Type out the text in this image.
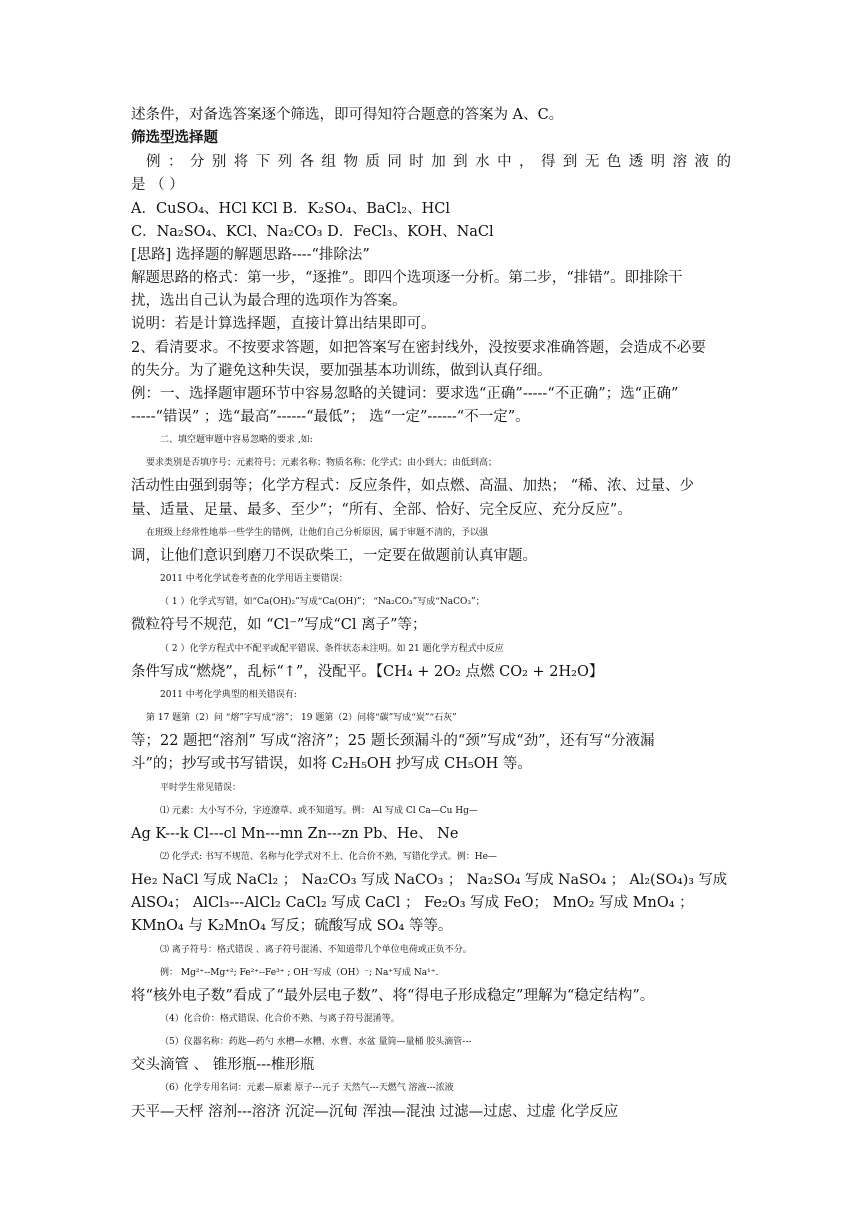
述条件，对备选答案逐个筛选，即可得知符合题意的答案为 A、C。
筛选型选择题
例 ： 分 别 将 下 列 各 组 物 质 同 时 加 到 水 中 ， 得 到 无 色 透 明 溶 液 的
是 （ ）
A．CuSO₄、HCl KCl B．K₂SO₄、BaCl₂、HCl
C．Na₂SO₄、KCl、Na₂CO₃ D．FeCl₃、KOH、NaCl
[思路] 选择题的解题思路----“排除法”
解题思路的格式：第一步，“逐推”。即四个选项逐一分析。第二步，“排错”。即排除干
扰，选出自己认为最合理的选项作为答案。
说明：若是计算选择题，直接计算出结果即可。
2、看清要求。不按要求答题，如把答案写在密封线外，没按要求准确答题，会造成不必要
的失分。为了避免这种失误，要加强基本功训练，做到认真仔细。
例：一、选择题审题环节中容易忽略的关键词：要求选“正确”-----“不正确”；选“正确”
-----“错误” ；选“最高”------“最低”； 选“一定”------“不一定”。
二、填空题审题中容易忽略的要求 ,如:
要求类别是否填序号；元素符号；元素名称；物质名称；化学式；由小到大；由低到高；
活动性由强到弱等；化学方程式：反应条件，如点燃、高温、加热； “稀、浓、过量、少
量、适量、足量、最多、至少”；“所有、全部、恰好、完全反应、充分反应”。
在班级上经常性地举一些学生的错例，让他们自己分析原因，属于审题不清的，予以强
调，让他们意识到磨刀不误砍柴工，一定要在做题前认真审题。
2011 中考化学试卷考查的化学用语主要错误：
（ 1 ）化学式写错，如“Ca(OH)₂”写成“Ca(OH)”； “Na₂CO₃”写成“NaCO₃”；
微粒符号不规范，如 “Cl⁻”写成“Cl 离子”等；
（ 2 ）化学方程式中不配平或配平错误、条件状态未注明。如 21 题化学方程式中反应
条件写成“燃烧”，乱标“↑”，没配平。【CH₄ + 2O₂ 点燃 CO₂ + 2H₂O】
2011 中考化学典型的相关错误有:
第 17 题第（2）问 “熔”字写成“溶”； 19 题第（2）问将“碳”写成“炭”“石灰”
等；22 题把“溶剂” 写成“溶济”；25 题长颈漏斗的“颈”写成“劲”，还有写“分液漏
斗”的；抄写或书写错误，如将 C₂H₅OH 抄写成 CH₅OH 等。
平时学生常见错误：
⑴ 元素：大小写不分，字迹潦草、或不知道写。例： Al 写成 Cl Ca—Cu Hg—
Ag K---k Cl---cl Mn---mn Zn---zn Pb、He、 Ne
⑵ 化学式: 书写不规范、名称与化学式对不上、化合价不熟，写错化学式。例：He—
He₂ NaCl 写成 NaCl₂ ； Na₂CO₃ 写成 NaCO₃ ； Na₂SO₄ 写成 NaSO₄ ； Al₂(SO₄)₃ 写成
AlSO₄； AlCl₃---AlCl₂ CaCl₂ 写成 CaCl ； Fe₂O₃ 写成 FeO； MnO₂ 写成 MnO₄ ；
KMnO₄ 与 K₂MnO₄ 写反；硫酸写成 SO₄ 等等。
⑶ 离子符号：格式错误 、离子符号混淆、不知道带几个单位电荷或正负不分。
例： Mg²⁺--Mg⁺²; Fe²⁺--Fe³⁺ ; OH⁻写成（OH）⁻; Na⁺写成 Na¹⁺.
将“核外电子数”看成了“最外层电子数”、将“得电子形成稳定”理解为“稳定结构”。
（4）化合价：格式错误、化合价不熟、与离子符号混淆等。
（5）仪器名称：药匙—药勺 水槽—水糟、水曹、水盆 量筒—量桶 胶头滴管---
交头滴管 、 锥形瓶---椎形瓶
（6）化学专用名词：元素—原素 原子---元子 天然气---天燃气 溶液---浓液
天平—天枰 溶剂---溶济 沉淀—沉甸 浑浊—混浊 过滤—过虑、过虚 化学反应
